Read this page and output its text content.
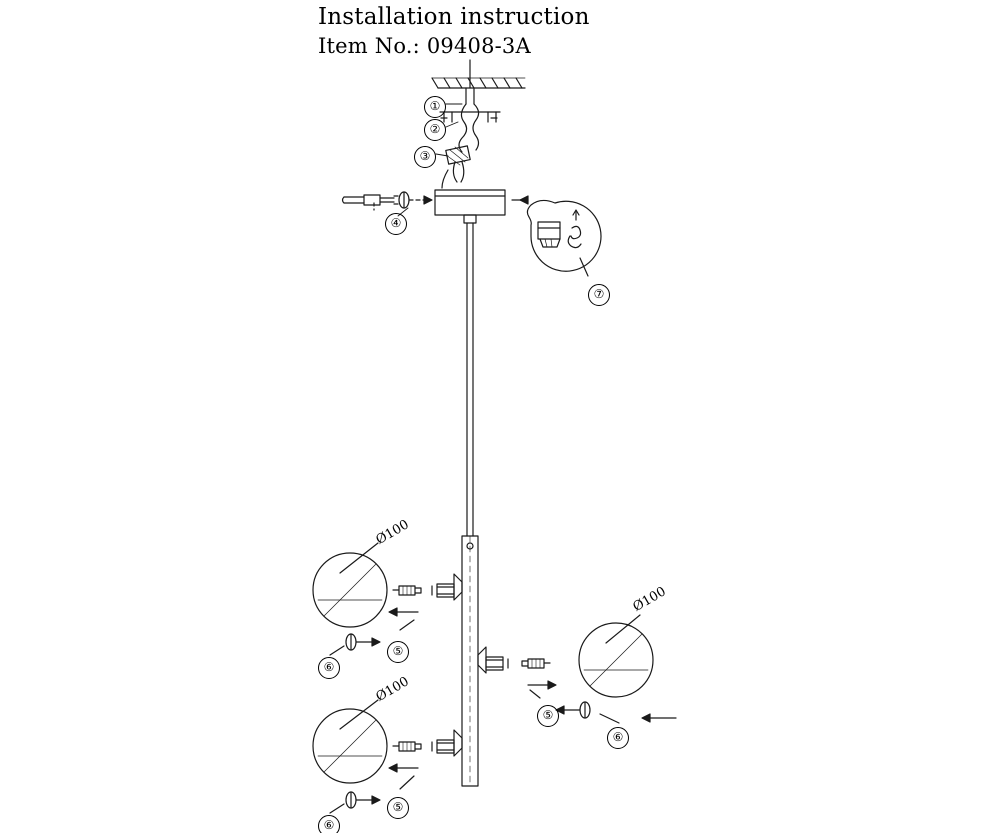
Installation instruction
Item No.: 09408-3A
①
②
③
④
⑦
⑤
⑥
⑤
⑥
⑤
⑥
Ø100
Ø100
Ø100
